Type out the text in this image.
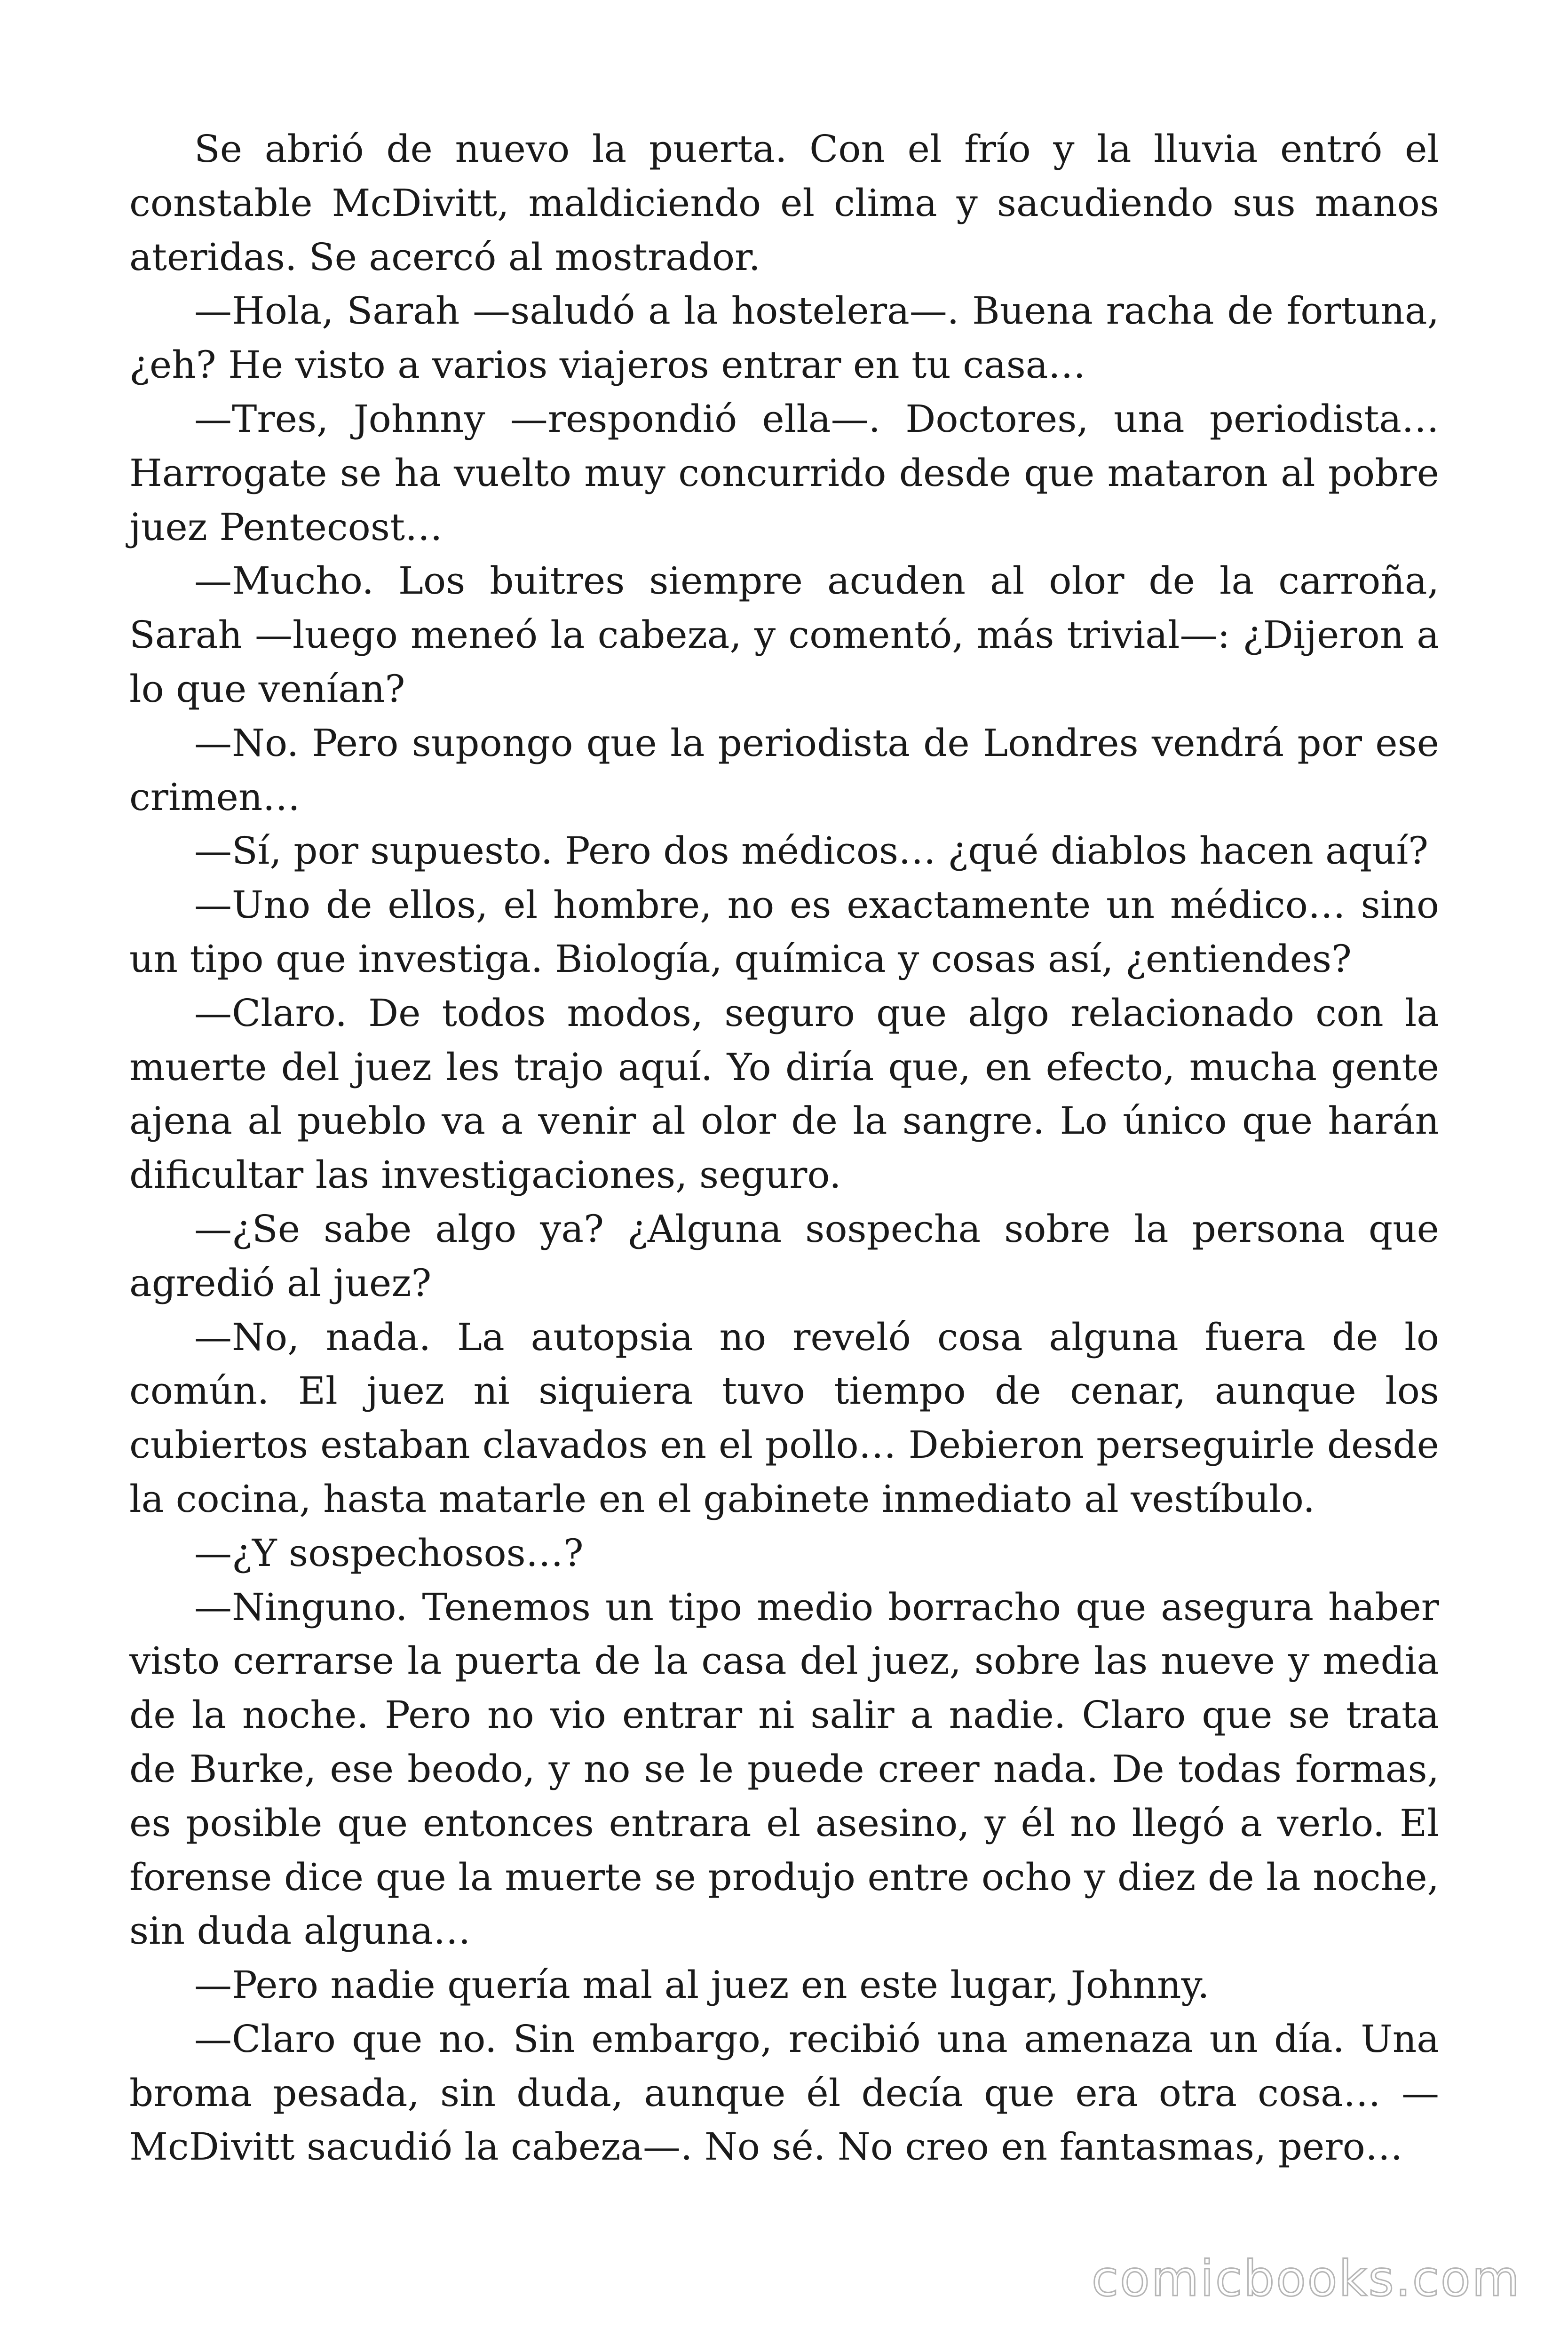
Se abrió de nuevo la puerta. Con el frío y la lluvia entró el constable McDivitt, maldiciendo el clima y sacudiendo sus manos ateridas. Se acercó al mostrador.

—Hola, Sarah —saludó a la hostelera—. Buena racha de fortuna, ¿eh? He visto a varios viajeros entrar en tu casa…

—Tres, Johnny —respondió ella—. Doctores, una periodista… Harrogate se ha vuelto muy concurrido desde que mataron al pobre juez Pentecost…

—Mucho. Los buitres siempre acuden al olor de la carroña, Sarah —luego meneó la cabeza, y comentó, más trivial—: ¿Dijeron a lo que venían?

—No. Pero supongo que la periodista de Londres vendrá por ese crimen…

—Sí, por supuesto. Pero dos médicos… ¿qué diablos hacen aquí?

—Uno de ellos, el hombre, no es exactamente un médico… sino un tipo que investiga. Biología, química y cosas así, ¿entiendes?

—Claro. De todos modos, seguro que algo relacionado con la muerte del juez les trajo aquí. Yo diría que, en efecto, mucha gente ajena al pueblo va a venir al olor de la sangre. Lo único que harán dificultar las investigaciones, seguro.

—¿Se sabe algo ya? ¿Alguna sospecha sobre la persona que agredió al juez?

—No, nada. La autopsia no reveló cosa alguna fuera de lo común. El juez ni siquiera tuvo tiempo de cenar, aunque los cubiertos estaban clavados en el pollo… Debieron perseguirle desde la cocina, hasta matarle en el gabinete inmediato al vestíbulo.

—¿Y sospechosos…?

—Ninguno. Tenemos un tipo medio borracho que asegura haber visto cerrarse la puerta de la casa del juez, sobre las nueve y media de la noche. Pero no vio entrar ni salir a nadie. Claro que se trata de Burke, ese beodo, y no se le puede creer nada. De todas formas, es posible que entonces entrara el asesino, y él no llegó a verlo. El forense dice que la muerte se produjo entre ocho y diez de la noche, sin duda alguna…

—Pero nadie quería mal al juez en este lugar, Johnny.

—Claro que no. Sin embargo, recibió una amenaza un día. Una broma pesada, sin duda, aunque él decía que era otra cosa… —McDivitt sacudió la cabeza—. No sé. No creo en fantasmas, pero…

comicbooks.com
